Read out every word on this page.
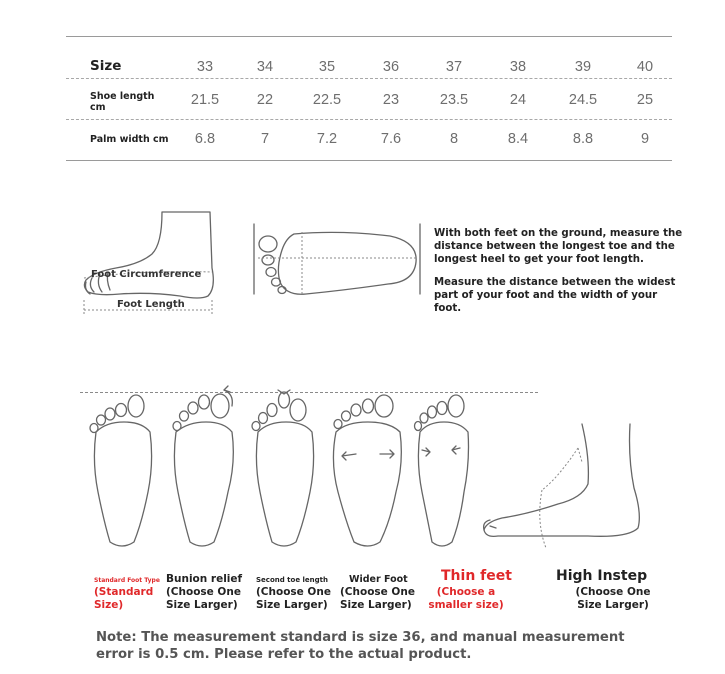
Size	33	34	35	36	37	38	39	40
Shoe length cm	21.5	22	22.5	23	23.5	24	24.5	25
Palm width cm	6.8	7	7.2	7.6	8	8.4	8.8	9
Foot Circumference
Foot Length
With both feet on the ground, measure the distance between the longest toe and the longest heel to get your foot length.
Measure the distance between the widest part of your foot and the width of your foot.
Standard Foot Type
(Standard Size)
Bunion relief
(Choose One Size Larger)
Second toe length
(Choose One Size Larger)
Wider Foot
(Choose One Size Larger)
Thin feet
(Choose a smaller size)
High Instep
(Choose One Size Larger)
Note: The measurement standard is size 36, and manual measurement error is 0.5 cm. Please refer to the actual product.
